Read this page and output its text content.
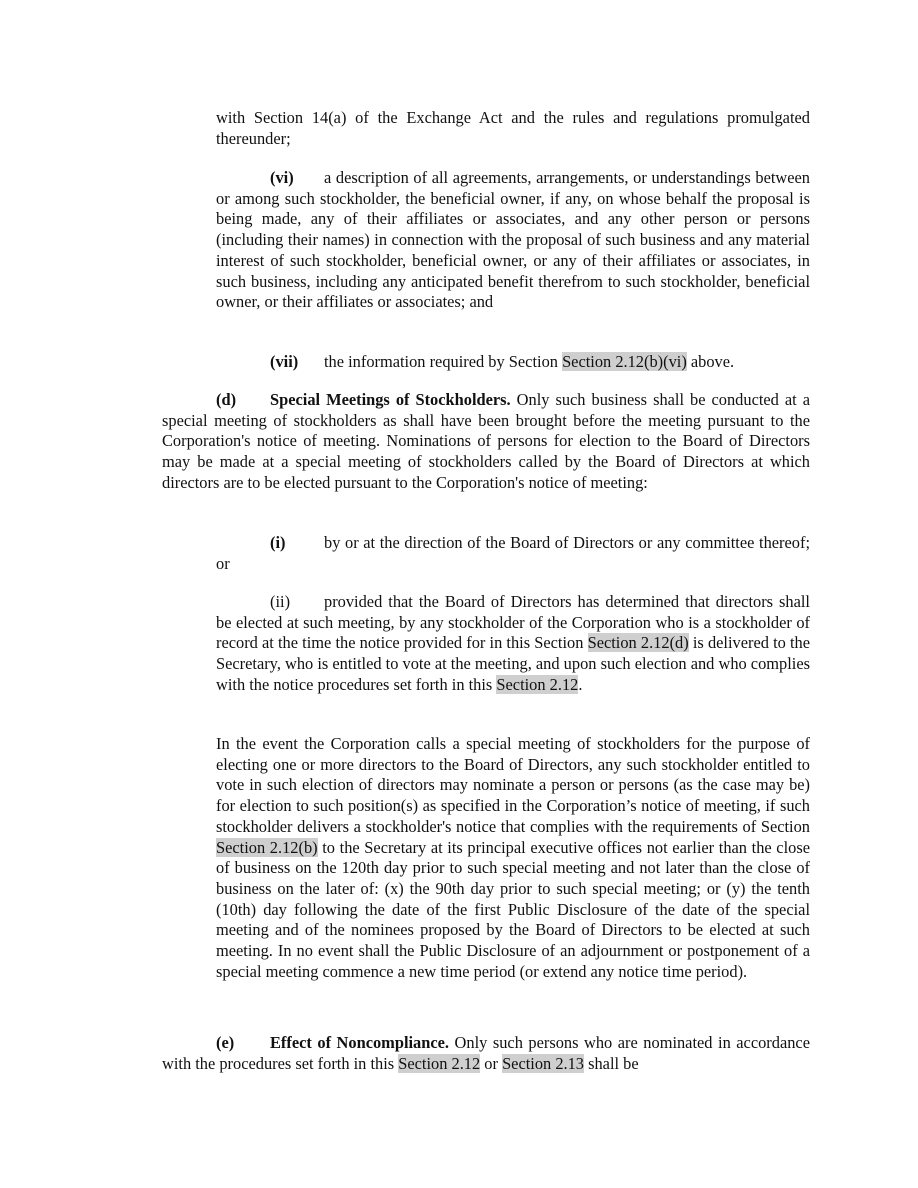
with Section 14(a) of the Exchange Act and the rules and regulations promulgated thereunder;

(vi) a description of all agreements, arrangements, or understandings between or among such stockholder, the beneficial owner, if any, on whose behalf the proposal is being made, any of their affiliates or associates, and any other person or persons (including their names) in connection with the proposal of such business and any material interest of such stockholder, beneficial owner, or any of their affiliates or associates, in such business, including any anticipated benefit therefrom to such stockholder, beneficial owner, or their affiliates or associates; and

(vii) the information required by Section Section 2.12(b)(vi) above.

(d) Special Meetings of Stockholders. Only such business shall be conducted at a special meeting of stockholders as shall have been brought before the meeting pursuant to the Corporation's notice of meeting. Nominations of persons for election to the Board of Directors may be made at a special meeting of stockholders called by the Board of Directors at which directors are to be elected pursuant to the Corporation's notice of meeting:

(i) by or at the direction of the Board of Directors or any committee thereof; or

(ii) provided that the Board of Directors has determined that directors shall be elected at such meeting, by any stockholder of the Corporation who is a stockholder of record at the time the notice provided for in this Section Section 2.12(d) is delivered to the Secretary, who is entitled to vote at the meeting, and upon such election and who complies with the notice procedures set forth in this Section 2.12.

In the event the Corporation calls a special meeting of stockholders for the purpose of electing one or more directors to the Board of Directors, any such stockholder entitled to vote in such election of directors may nominate a person or persons (as the case may be) for election to such position(s) as specified in the Corporation’s notice of meeting, if such stockholder delivers a stockholder's notice that complies with the requirements of Section Section 2.12(b) to the Secretary at its principal executive offices not earlier than the close of business on the 120th day prior to such special meeting and not later than the close of business on the later of: (x) the 90th day prior to such special meeting; or (y) the tenth (10th) day following the date of the first Public Disclosure of the date of the special meeting and of the nominees proposed by the Board of Directors to be elected at such meeting. In no event shall the Public Disclosure of an adjournment or postponement of a special meeting commence a new time period (or extend any notice time period).

(e) Effect of Noncompliance. Only such persons who are nominated in accordance with the procedures set forth in this Section 2.12 or Section 2.13 shall be
